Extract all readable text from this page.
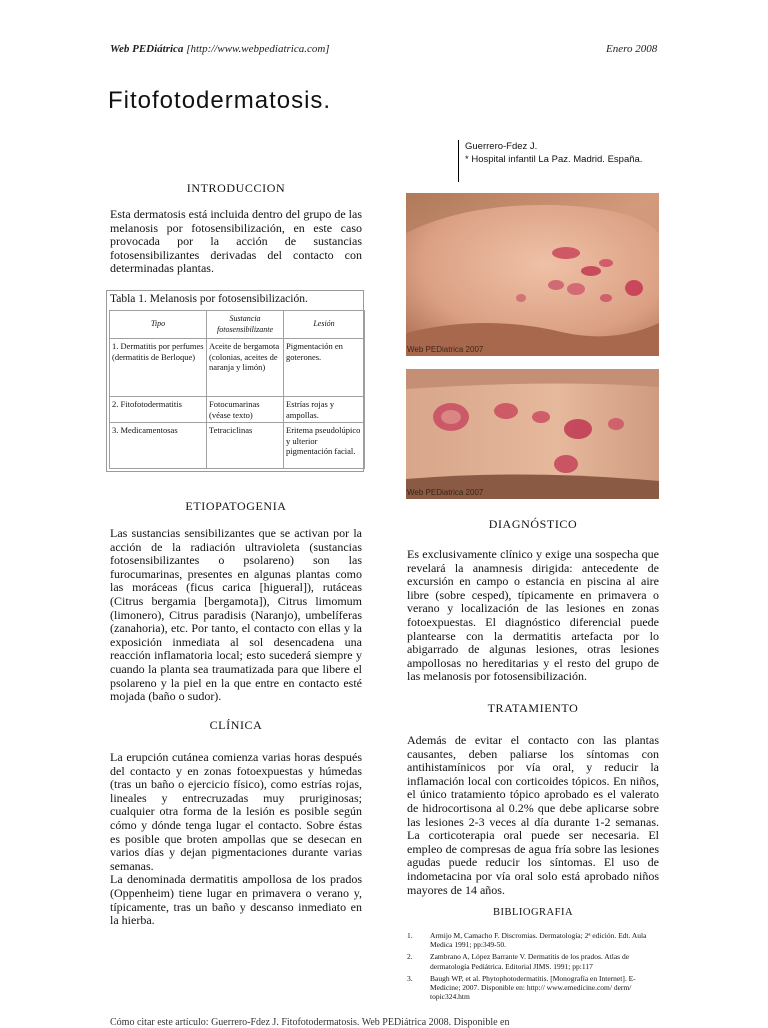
Web PEDiátrica [http://www.webpediatrica.com]	Enero 2008
Fitofotodermatosis.
Guerrero-Fdez J.
* Hospital infantil La Paz. Madrid. España.
INTRODUCCION
Esta dermatosis está incluida dentro del grupo de las melanosis por fotosensibilización, en este caso provocada por la acción de sustancias fotosensibilizantes derivadas del contacto con determinadas plantas.
Tabla 1. Melanosis por fotosensibilización.
Tipo	Sustancia fotosensibilizante	Lesión
1. Dermatitis por perfumes (dermatitis de Berloque)	Aceite de bergamota (colonias, aceites de naranja y limón)	Pigmentación en goterones.
2. Fitofotodermatitis	Fotocumarinas (véase texto)	Estrías rojas y ampollas.
3. Medicamentosas	Tetraciclinas	Eritema pseudolúpico y ulterior pigmentación facial.
ETIOPATOGENIA
Las sustancias sensibilizantes que se activan por la acción de la radiación ultravioleta (sustancias fotosensibilizantes o psolareno) son las furocumarinas, presentes en algunas plantas como las moráceas (ficus carica [higueral]), rutáceas (Citrus bergamia [bergamota]), Citrus limomum (limonero), Citrus paradisis (Naranjo), umbelíferas (zanahoria), etc. Por tanto, el contacto con ellas y la exposición inmediata al sol desencadena una reacción inflamatoria local; esto sucederá siempre y cuando la planta sea traumatizada para que libere el psolareno y la piel en la que entre en contacto esté mojada (baño o sudor).
CLÍNICA
La erupción cutánea comienza varias horas después del contacto y en zonas fotoexpuestas y húmedas (tras un baño o ejercicio físico), como estrías rojas, lineales y entrecruzadas muy pruriginosas; cualquier otra forma de la lesión es posible según cómo y dónde tenga lugar el contacto. Sobre éstas es posible que broten ampollas que se desecan en varios días y dejan pigmentaciones durante varias semanas.
La denominada dermatitis ampollosa de los prados (Oppenheim) tiene lugar en primavera o verano y, típicamente, tras un baño y descanso inmediato en la hierba.
Web PEDiatrica 2007
Web PEDiatrica 2007
DIAGNÓSTICO
Es exclusivamente clínico y exige una sospecha que revelará la anamnesis dirigida: antecedente de excursión en campo o estancia en piscina al aire libre (sobre cesped), típicamente en primavera o verano y localización de las lesiones en zonas fotoexpuestas. El diagnóstico diferencial puede plantearse con la dermatitis artefacta por lo abigarrado de algunas lesiones, otras lesiones ampollosas no hereditarias y el resto del grupo de las melanosis por fotosensibilización.
TRATAMIENTO
Además de evitar el contacto con las plantas causantes, deben paliarse los síntomas con antihistamínicos por vía oral, y reducir la inflamación local con corticoides tópicos. En niños, el único tratamiento tópico aprobado es el valerato de hidrocortisona al 0.2% que debe aplicarse sobre las lesiones 2-3 veces al día durante 1-2 semanas. La corticoterapia oral puede ser necesaria. El empleo de compresas de agua fría sobre las lesiones agudas puede reducir los síntomas. El uso de indometacina por vía oral solo está aprobado niños mayores de 14 años.
BIBLIOGRAFIA
1. Armijo M, Camacho F. Discromias. Dermatología; 2ª edición. Edt. Aula Medica 1991; pp:349-50.
2. Zambrano A, López Barrante V. Dermatitis de los prados. Atlas de dermatología Pediátrica. Editorial JIMS. 1991; pp:117
3. Baugh WP, et al. Phytophotodermatitis. [Monografía en Internet]. E-Medicine; 2007. Disponible en: http:// www.emedicine.com/ derm/ topic324.htm
Cómo citar este artículo: Guerrero-Fdez J. Fitofotodermatosis. Web PEDiátrica 2008. Disponible en
